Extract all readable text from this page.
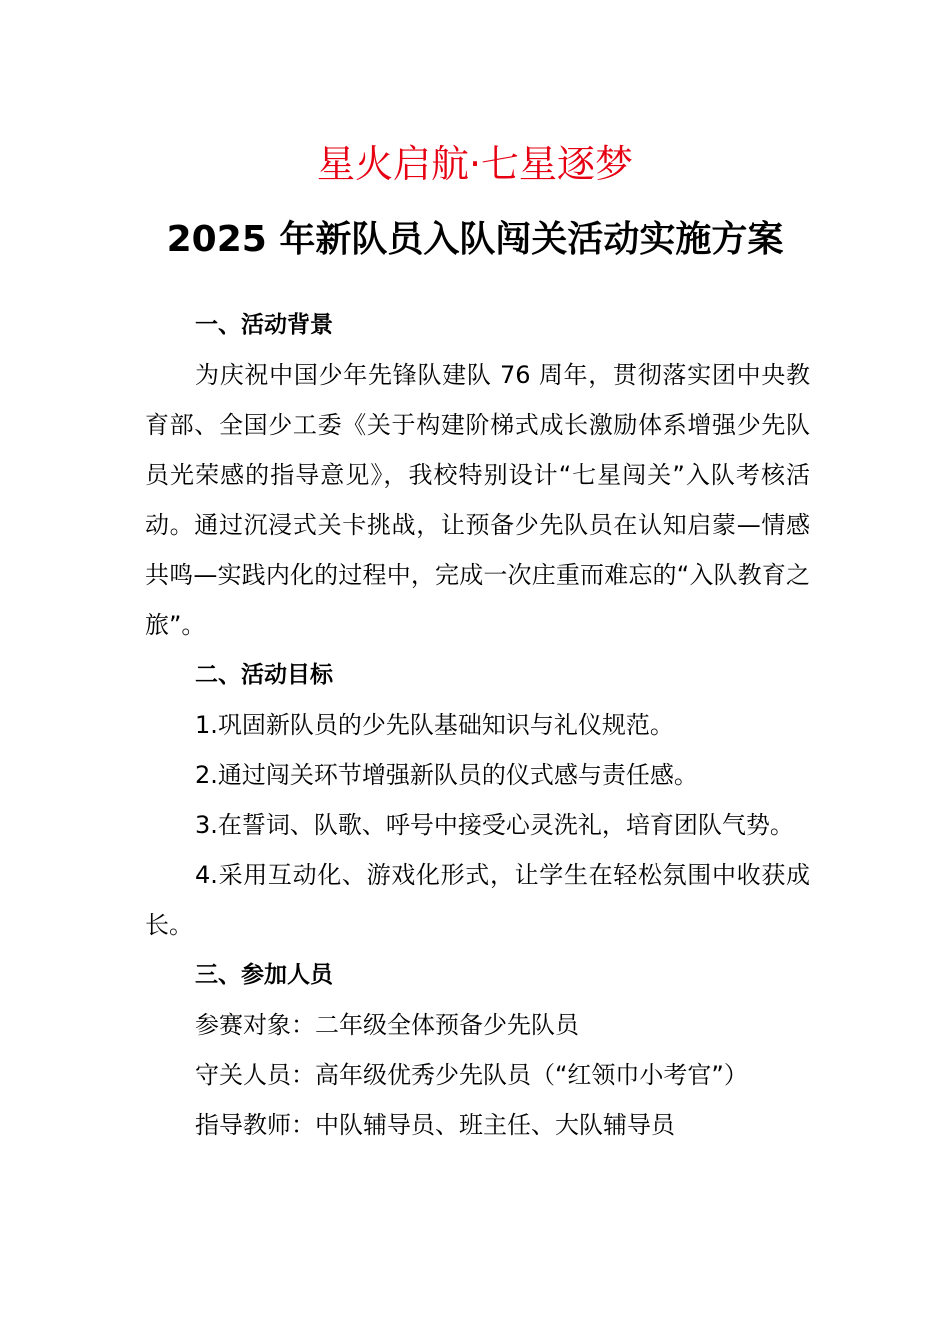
星火启航·七星逐梦
2025 年新队员入队闯关活动实施方案

一、活动背景

为庆祝中国少年先锋队建队 76 周年，贯彻落实团中央教育部、全国少工委《关于构建阶梯式成长激励体系增强少先队员光荣感的指导意见》，我校特别设计“七星闯关”入队考核活动。通过沉浸式关卡挑战，让预备少先队员在认知启蒙—情感共鸣—实践内化的过程中，完成一次庄重而难忘的“入队教育之旅”。

二、活动目标

1.巩固新队员的少先队基础知识与礼仪规范。

2.通过闯关环节增强新队员的仪式感与责任感。

3.在誓词、队歌、呼号中接受心灵洗礼，培育团队气势。

4.采用互动化、游戏化形式，让学生在轻松氛围中收获成长。

三、参加人员

参赛对象：二年级全体预备少先队员

守关人员：高年级优秀少先队员（“红领巾小考官”）

指导教师：中队辅导员、班主任、大队辅导员
